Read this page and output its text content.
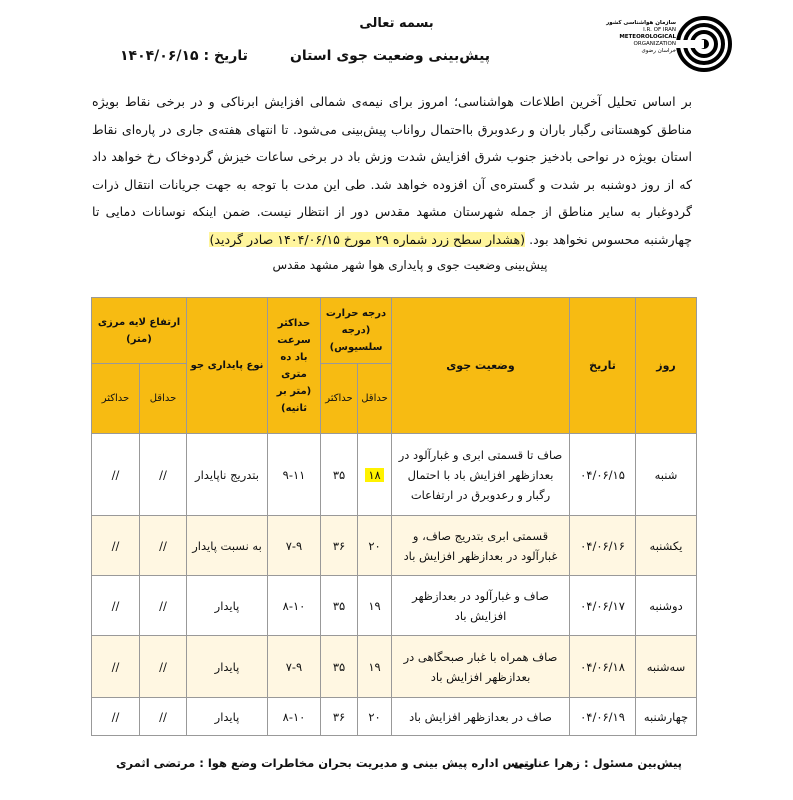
بسمه تعالی
پیش‌بینی وضعیت جوی استان
تاریخ : ۱۴۰۴/۰۶/۱۵
سازمان هواشناسی کشور
I.R. OF IRAN
METEOROLOGICAL
ORGANIZATION
خراسان رضوی
بر اساس تحلیل آخرین اطلاعات هواشناسی؛ امروز برای نیمه‌ی شمالی افزایش ابرناکی و در برخی نقاط بویژه مناطق کوهستانی رگبار باران و رعدوبرق بااحتمال رواناب پیش‌بینی می‌شود. تا انتهای هفته‌ی جاری در پاره‌ای نقاط استان بویژه در نواحی بادخیز جنوب شرق افزایش شدت وزش باد در برخی ساعات خیزش گردوخاک رخ خواهد داد که از روز دوشنبه بر شدت و گستره‌ی آن افزوده خواهد شد. طی این مدت با توجه به جهت جریانات انتقال ذرات گردوغبار به سایر مناطق از جمله شهرستان مشهد مقدس دور از انتظار نیست. ضمن اینکه نوسانات دمایی تا چهارشنبه محسوس نخواهد بود. (هشدار سطح زرد شماره ۲۹ مورخ ۱۴۰۴/۰۶/۱۵ صادر گردید)
پیش‌بینی وضعیت جوی و پایداری هوا شهر مشهد مقدس
روز	تاریخ	وضعیت جوی	درجه حرارت (درجه سلسیوس)		حداکثر سرعت باد ده متری (متر بر ثانیه)	نوع پایداری جو	ارتفاع لایه مرزی (متر)	
			حداقل	حداکثر			حداقل	حداکثر
شنبه	۰۴/۰۶/۱۵	صاف تا قسمتی ابری و غبارآلود در بعدازظهر افزایش باد با احتمال رگبار و رعدوبرق در ارتفاعات	۱۸	۳۵	۹-۱۱	بتدریج ناپایدار	//	//
یکشنبه	۰۴/۰۶/۱۶	قسمتی ابری بتدریج صاف، و غبارآلود در بعدازظهر افزایش باد	۲۰	۳۶	۷-۹	به نسبت پایدار	//	//
دوشنبه	۰۴/۰۶/۱۷	صاف و غبارآلود در بعدازظهر افزایش باد	۱۹	۳۵	۸-۱۰	پایدار	//	//
سه‌شنبه	۰۴/۰۶/۱۸	صاف همراه با غبار صبحگاهی در بعدازظهر افزایش باد	۱۹	۳۵	۷-۹	پایدار	//	//
چهارشنبه	۰۴/۰۶/۱۹	صاف در بعدازظهر افزایش باد	۲۰	۳۶	۸-۱۰	پایدار	//	//
پیش‌بین مسئول : زهرا عنایتی
رییس اداره پیش بینی و مدیریت بحران مخاطرات وضع هوا : مرتضی اثمری
